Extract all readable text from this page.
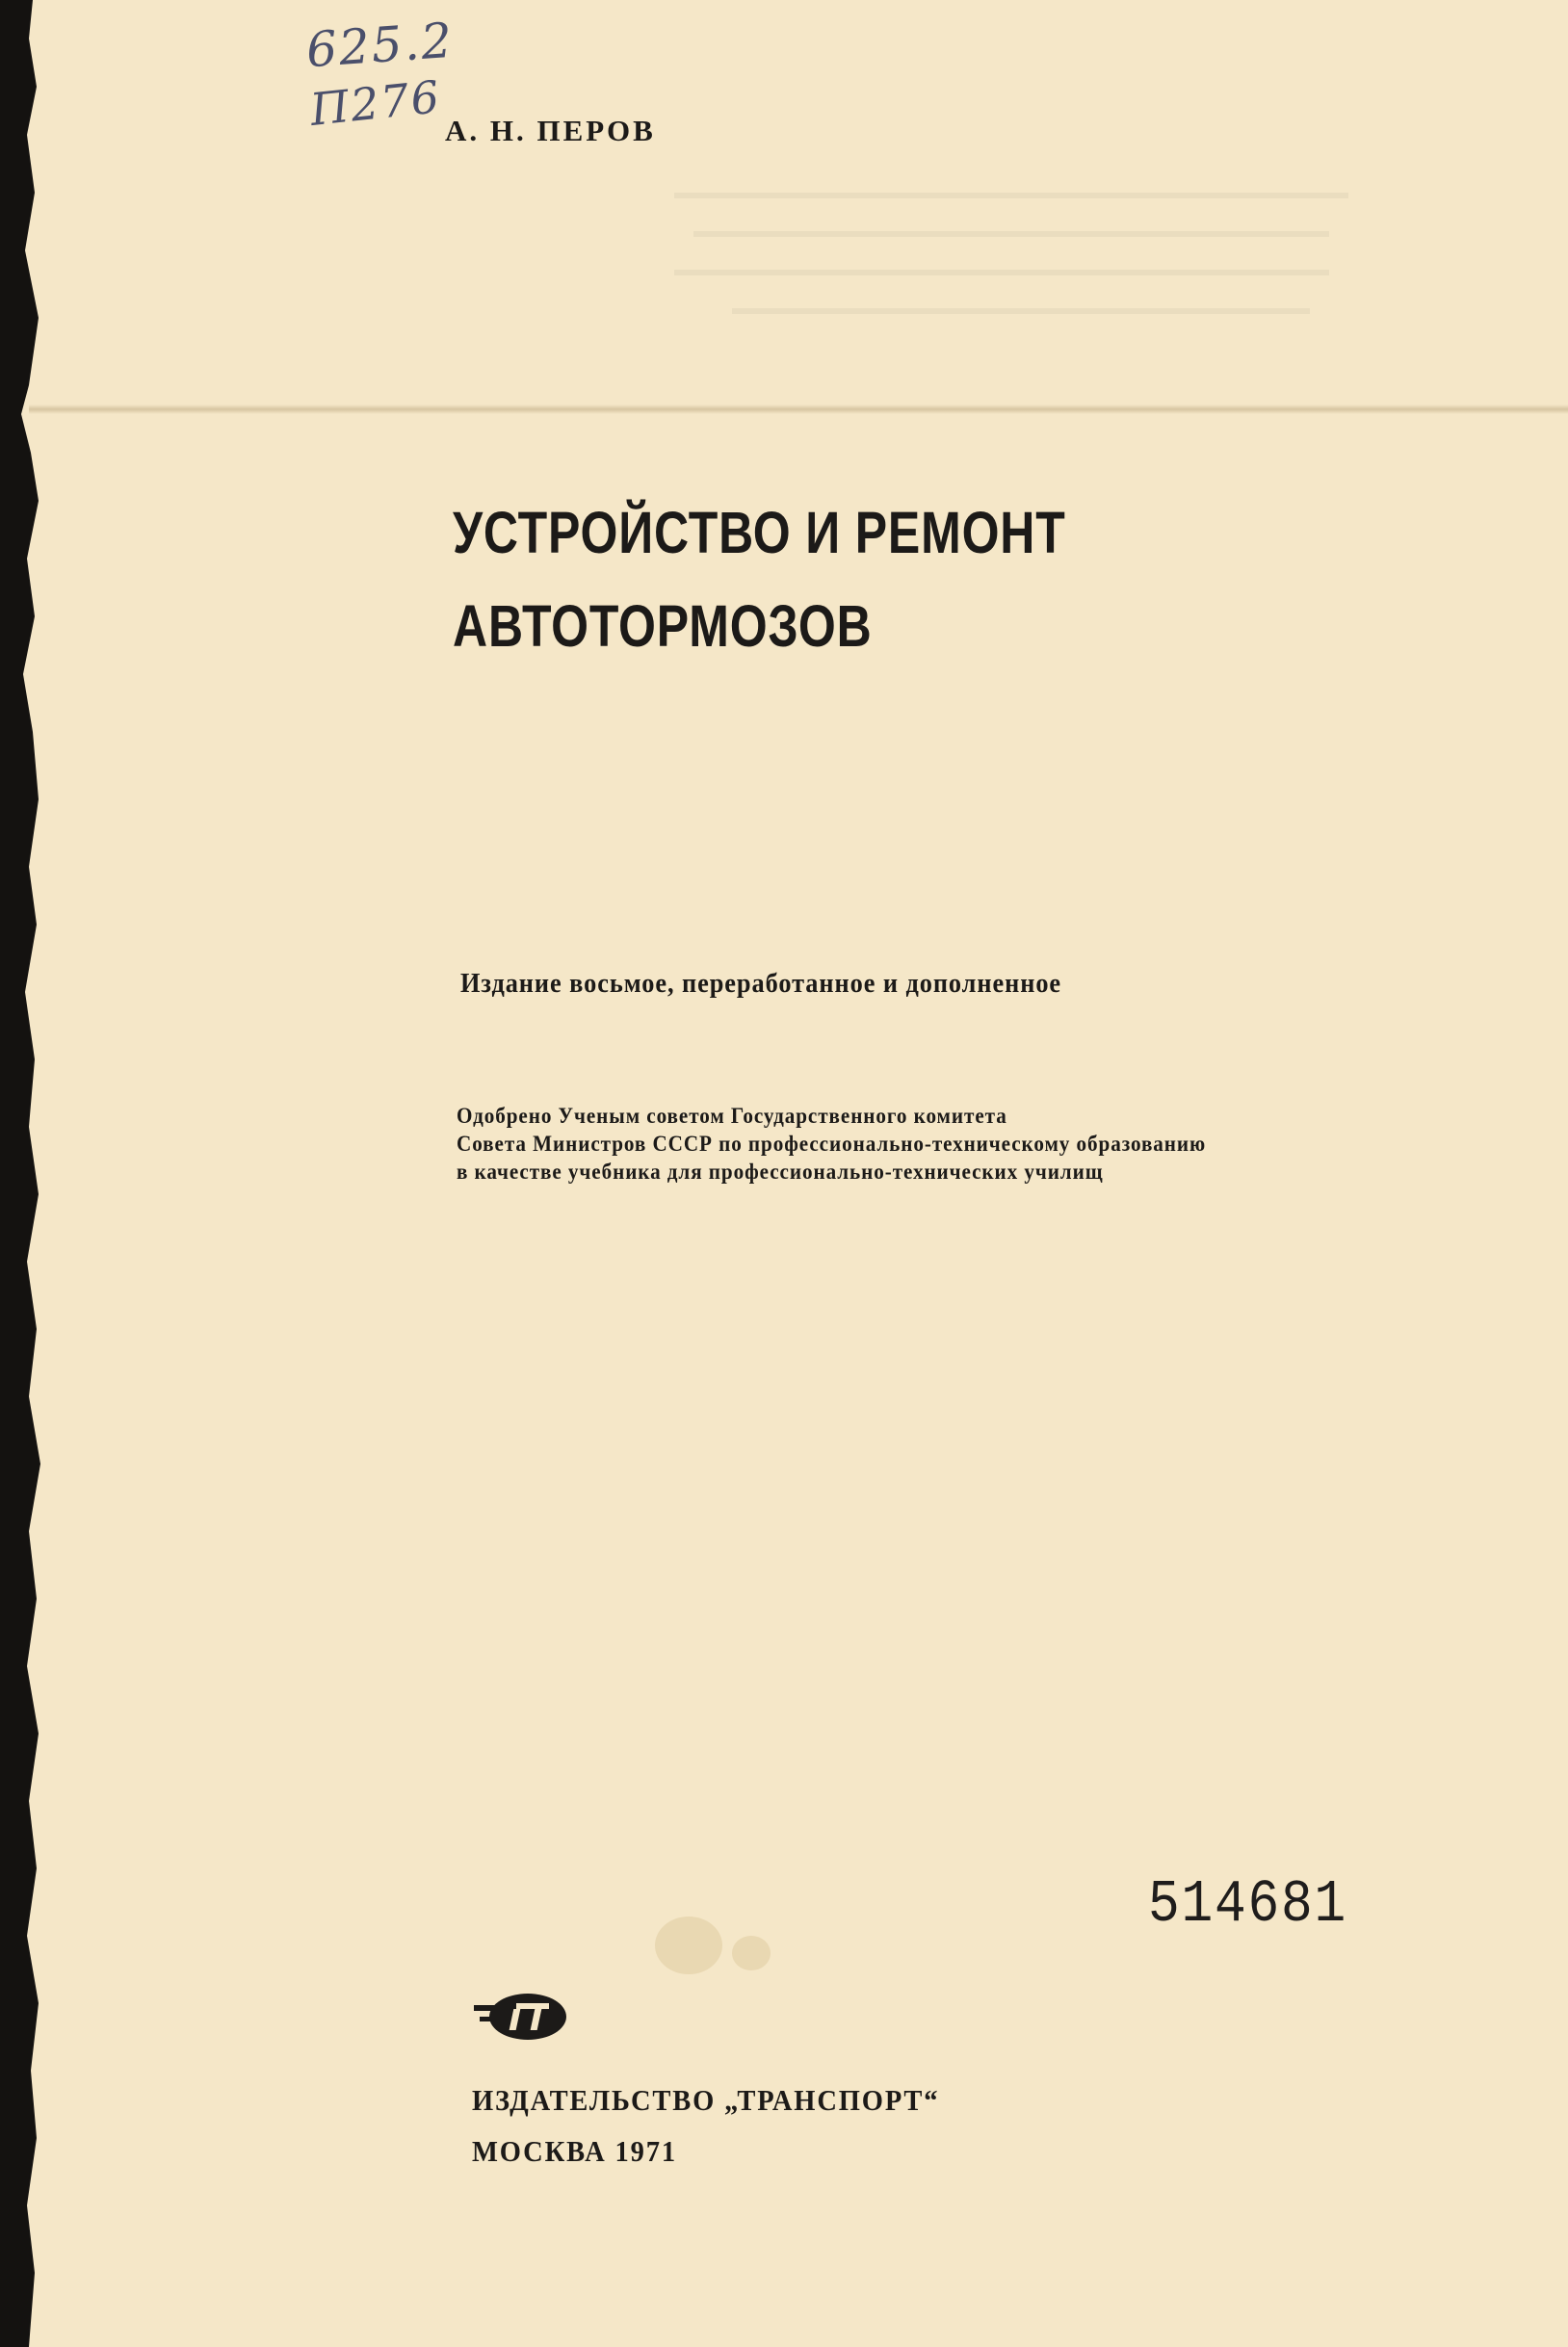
625.2
П276 А. Н. ПЕРОВ
УСТРОЙСТВО И РЕМОНТ
АВТОТОРМОЗОВ
Издание восьмое, переработанное и дополненное
Одобрено Ученым советом Государственного комитета
Совета Министров СССР по профессионально-техническому образованию
в качестве учебника для профессионально-технических училищ
514681
ИЗДАТЕЛЬСТВО „ТРАНСПОРТ“
МОСКВА 1971
